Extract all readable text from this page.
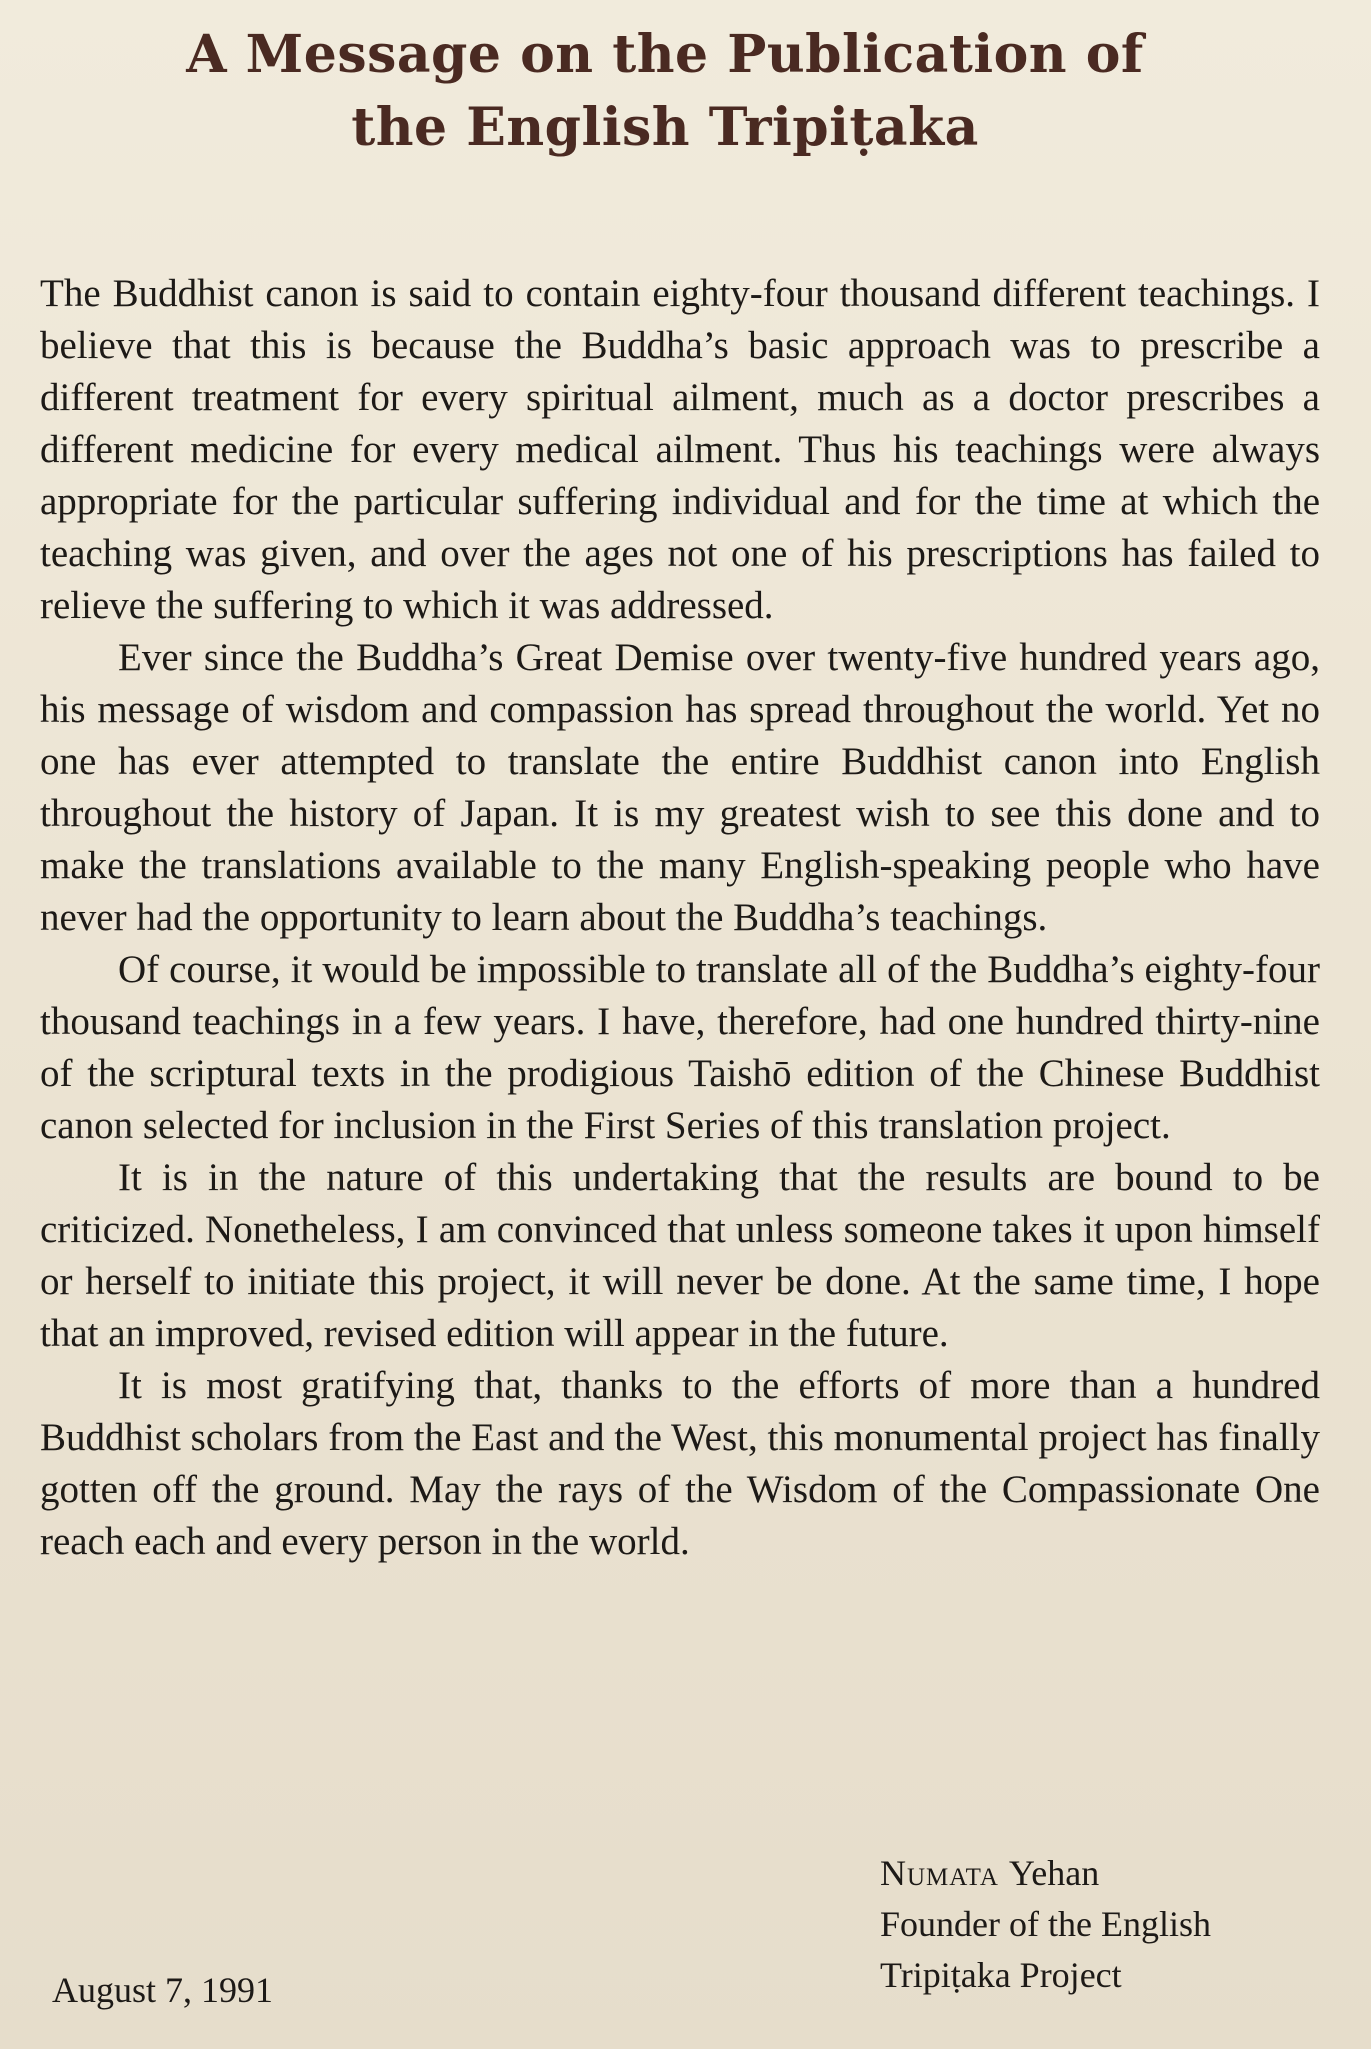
A Message on the Publication of
the English Tripiṭaka

The Buddhist canon is said to contain eighty-four thousand different teachings. I believe that this is because the Buddha’s basic approach was to prescribe a different treatment for every spiritual ailment, much as a doctor prescribes a different medicine for every medical ailment. Thus his teachings were always appropriate for the particular suffering individual and for the time at which the teaching was given, and over the ages not one of his prescriptions has failed to relieve the suffering to which it was addressed.

Ever since the Buddha’s Great Demise over twenty-five hundred years ago, his message of wisdom and compassion has spread throughout the world. Yet no one has ever attempted to translate the entire Buddhist canon into English throughout the history of Japan. It is my greatest wish to see this done and to make the translations available to the many English-speaking people who have never had the opportunity to learn about the Buddha’s teachings.

Of course, it would be impossible to translate all of the Buddha’s eighty-four thousand teachings in a few years. I have, therefore, had one hundred thirty-nine of the scriptural texts in the prodigious Taishō edition of the Chinese Buddhist canon selected for inclusion in the First Series of this translation project.

It is in the nature of this undertaking that the results are bound to be criticized. Nonetheless, I am convinced that unless someone takes it upon himself or herself to initiate this project, it will never be done. At the same time, I hope that an improved, revised edition will appear in the future.

It is most gratifying that, thanks to the efforts of more than a hundred Buddhist scholars from the East and the West, this monumental project has finally gotten off the ground. May the rays of the Wisdom of the Compassionate One reach each and every person in the world.

Numata Yehan
Founder of the English
Tripiṭaka Project
August 7, 1991
